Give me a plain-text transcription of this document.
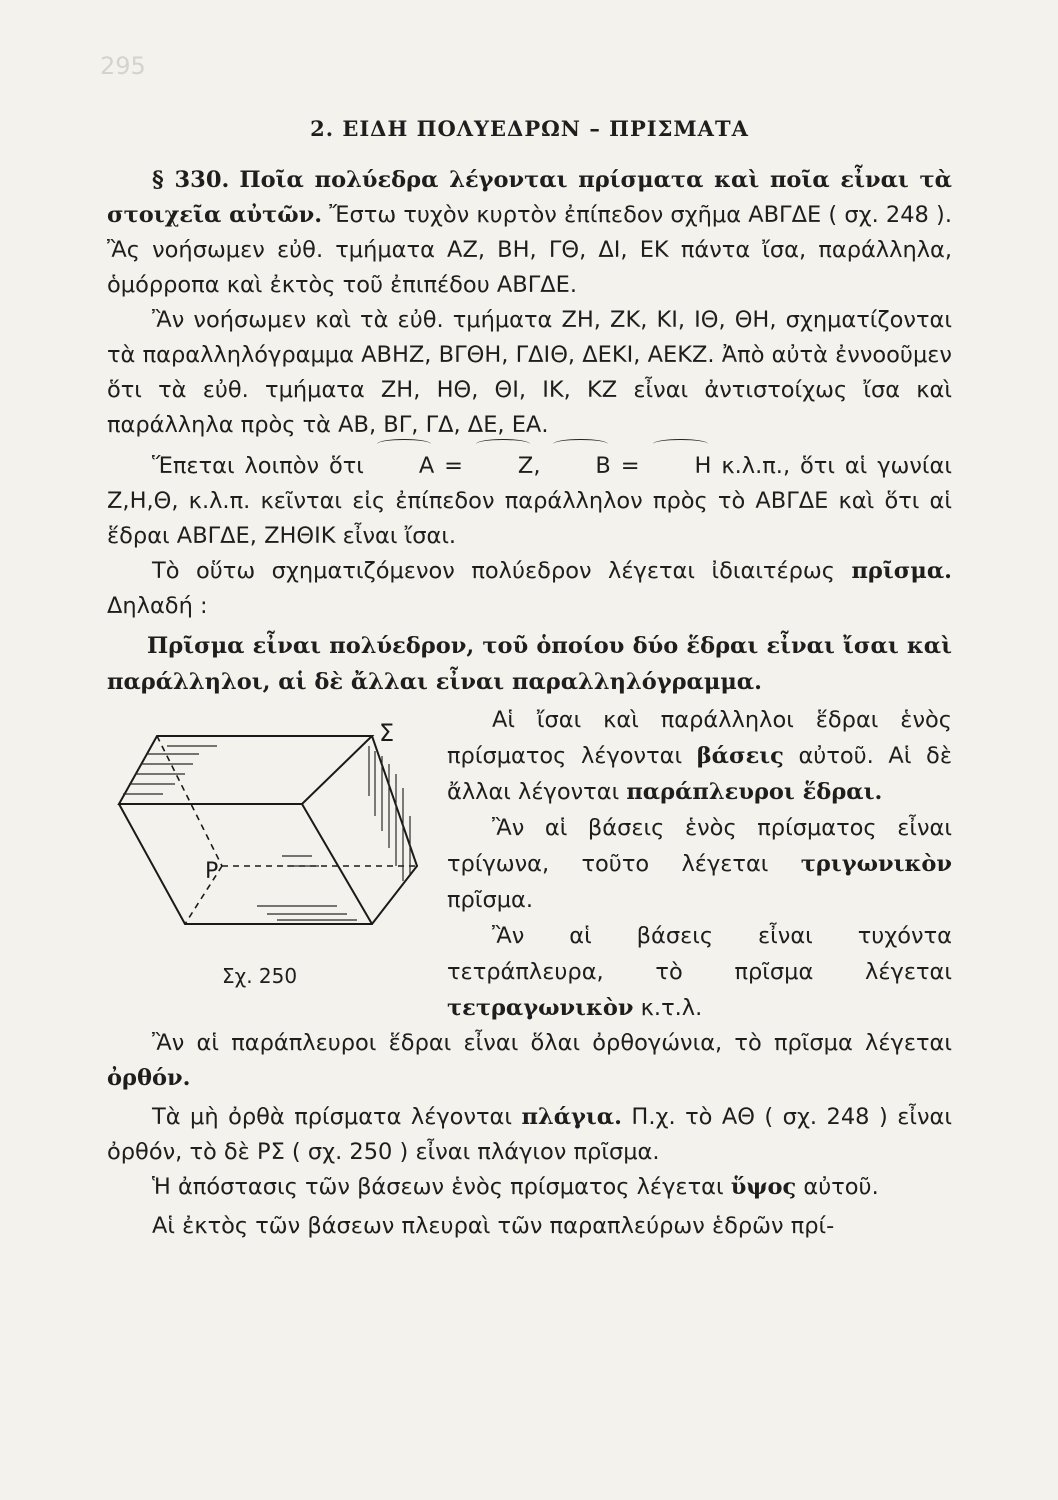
295
2. ΕΙΔΗ ΠΟΛΥΕΔΡΩΝ – ΠΡΙΣΜΑΤΑ

§ 330. Ποῖα πολύεδρα λέγονται πρίσματα καὶ ποῖα εἶναι τὰ στοιχεῖα αὐτῶν. Ἔστω τυχὸν κυρτὸν ἐπίπεδον σχῆμα ΑΒΓΔΕ ( σχ. 248 ). Ἂς νοήσωμεν εὐθ. τμήματα ΑΖ, ΒΗ, ΓΘ, ΔΙ, ΕΚ πάντα ἴσα, παράλληλα, ὁμόρροπα καὶ ἐκτὸς τοῦ ἐπιπέδου ΑΒΓΔΕ.

Ἂν νοήσωμεν καὶ τὰ εὐθ. τμήματα ΖΗ, ΖΚ, ΚΙ, ΙΘ, ΘΗ, σχηματίζονται τὰ παραλληλόγραμμα ΑΒΗΖ, ΒΓΘΗ, ΓΔΙΘ, ΔΕΚΙ, ΑΕΚΖ. Ἀπὸ αὐτὰ ἐννοοῦμεν ὅτι τὰ εὐθ. τμήματα ΖΗ, ΗΘ, ΘΙ, ΙΚ, ΚΖ εἶναι ἀντιστοίχως ἴσα καὶ παράλληλα πρὸς τὰ ΑΒ, ΒΓ, ΓΔ, ΔΕ, ΕΑ.

Ἕπεται λοιπὸν ὅτι Α = Ζ, Β = Η κ.λ.π., ὅτι αἱ γωνίαι Ζ,Η,Θ, κ.λ.π. κεῖνται εἰς ἐπίπεδον παράλληλον πρὸς τὸ ΑΒΓΔΕ καὶ ὅτι αἱ ἕδραι ΑΒΓΔΕ, ΖΗΘΙΚ εἶναι ἴσαι.

Τὸ οὕτω σχηματιζόμενον πολύεδρον λέγεται ἰδιαιτέρως πρῖσμα. Δηλαδή :

Πρῖσμα εἶναι πολύεδρον, τοῦ ὁποίου δύο ἕδραι εἶναι ἴσαι καὶ παράλληλοι, αἱ δὲ ἄλλαι εἶναι παραλληλόγραμμα.
Σ
Ρ
Σχ. 250

Αἱ ἴσαι καὶ παράλληλοι ἕδραι ἑνὸς πρίσματος λέγονται βάσεις αὐτοῦ. Αἱ δὲ ἄλλαι λέγονται παράπλευροι ἕδραι.

Ἂν αἱ βάσεις ἑνὸς πρίσματος εἶναι τρίγωνα, τοῦτο λέγεται τριγωνικὸν πρῖσμα.

Ἂν αἱ βάσεις εἶναι τυχόντα τετράπλευρα, τὸ πρῖσμα λέγεται τετραγωνικὸν κ.τ.λ.

Ἂν αἱ παράπλευροι ἕδραι εἶναι ὅλαι ὀρθογώνια, τὸ πρῖσμα λέγεται ὀρθόν.

Τὰ μὴ ὀρθὰ πρίσματα λέγονται πλάγια. Π.χ. τὸ ΑΘ ( σχ. 248 ) εἶναι ὀρθόν, τὸ δὲ ΡΣ ( σχ. 250 ) εἶναι πλάγιον πρῖσμα.

Ἡ ἀπόστασις τῶν βάσεων ἑνὸς πρίσματος λέγεται ὕψος αὐτοῦ.

Αἱ ἐκτὸς τῶν βάσεων πλευραὶ τῶν παραπλεύρων ἑδρῶν πρί-
